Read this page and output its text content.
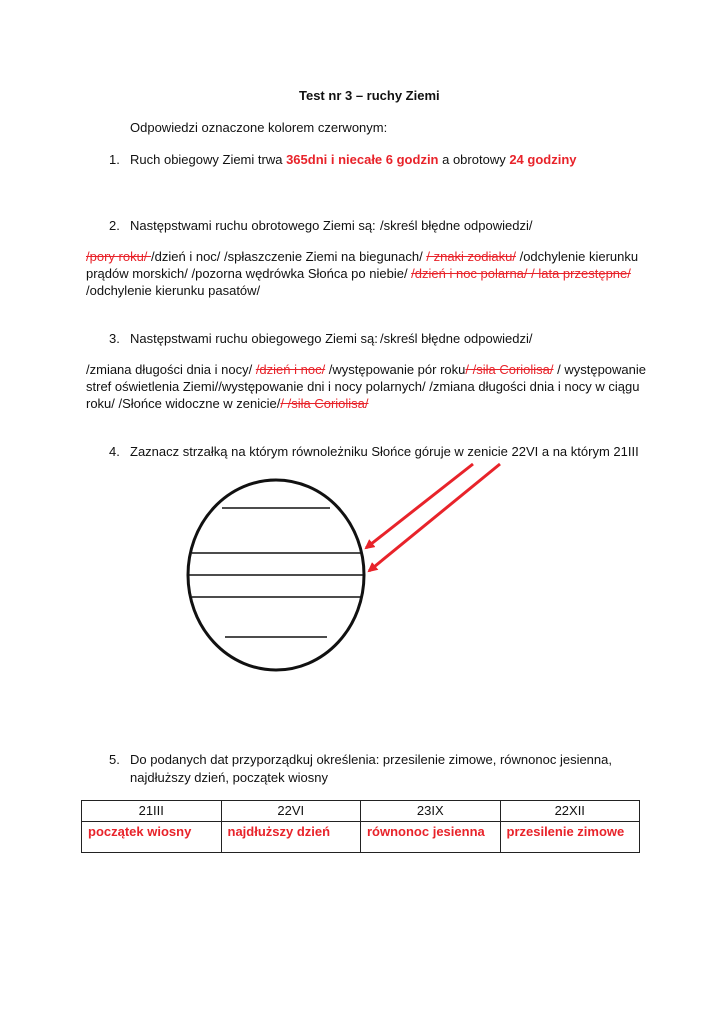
Test nr 3 – ruchy Ziemi
Odpowiedzi oznaczone kolorem czerwonym:
1. Ruch obiegowy Ziemi trwa 365dni i niecałe 6 godzin a obrotowy 24 godziny
2. Następstwami ruchu obrotowego Ziemi są: /skreśl błędne odpowiedzi/
/pory roku/ /dzień i noc/ /spłaszczenie Ziemi na biegunach/ / znaki zodiaku/ /odchylenie kierunku
prądów morskich/ /pozorna wędrówka Słońca po niebie/ /dzień i noc polarna/ / lata przestępne/
/odchylenie kierunku pasatów/
3. Następstwami ruchu obiegowego Ziemi są: /skreśl błędne odpowiedzi/
/zmiana długości dnia i nocy/ /dzień i noc/ /występowanie pór roku/ /siła Coriolisa/ / występowanie
stref oświetlenia Ziemi//występowanie dni i nocy polarnych/ /zmiana długości dnia i nocy w ciągu
roku/ /Słońce widoczne w zenicie// /siła Coriolisa/
4. Zaznacz strzałką na którym równoleżniku Słońce góruje w zenicie 22VI a na którym 21III
5. Do podanych dat przyporządkuj określenia: przesilenie zimowe, równonoc jesienna,
najdłuższy dzień, początek wiosny
21III	22VI	23IX	22XII
początek wiosny	najdłuższy dzień	równonoc jesienna	przesilenie zimowe
